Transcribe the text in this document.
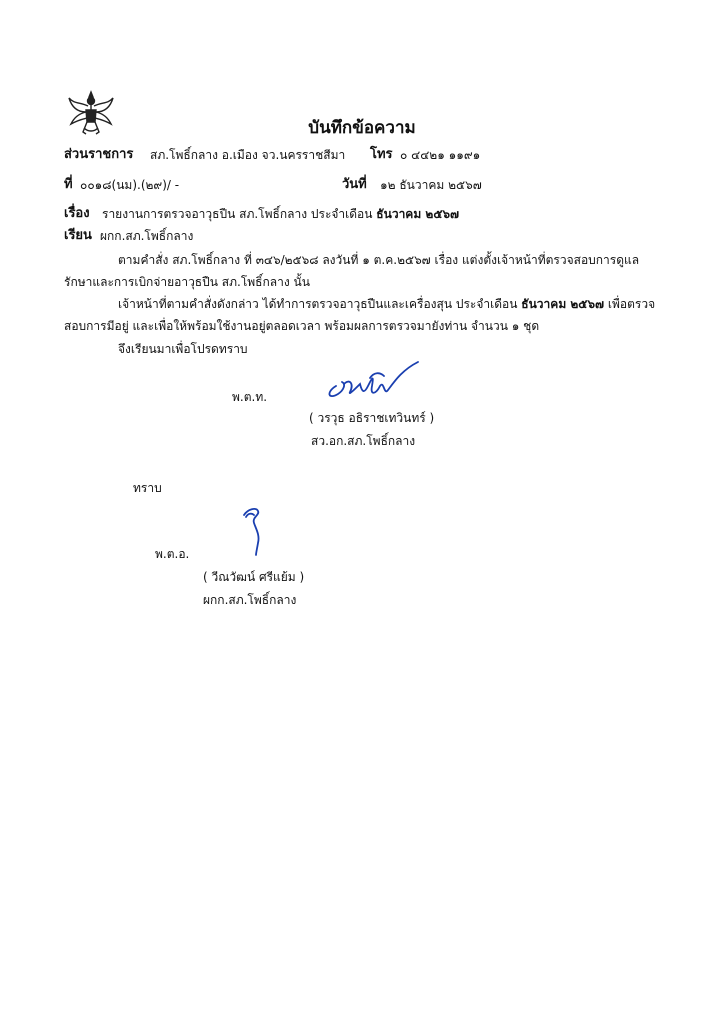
บันทึกข้อความ
ส่วนราชการ สภ.โพธิ์กลาง อ.เมือง จว.นครราชสีมา โทร ๐ ๔๔๒๑ ๑๑๙๑
ที่ ๐๐๑๘(นม).(๒๙)/ -	วันที่ ๑๒ ธันวาคม ๒๕๖๗
เรื่อง รายงานการตรวจอาวุธปืน สภ.โพธิ์กลาง ประจำเดือน ธันวาคม ๒๕๖๗
เรียน ผกก.สภ.โพธิ์กลาง
ตามคำสั่ง สภ.โพธิ์กลาง ที่ ๓๔๖/๒๕๖๘ ลงวันที่ ๑ ต.ค.๒๕๖๗ เรื่อง แต่งตั้งเจ้าหน้าที่ตรวจสอบการดูแลรักษาและการเบิกจ่ายอาวุธปืน สภ.โพธิ์กลาง นั้น
เจ้าหน้าที่ตามคำสั่งดังกล่าว ได้ทำการตรวจอาวุธปืนและเครื่องสุน ประจำเดือน ธันวาคม ๒๕๖๗ เพื่อตรวจสอบการมีอยู่ และเพื่อให้พร้อมใช้งานอยู่ตลอดเวลา พร้อมผลการตรวจมายังท่าน จำนวน ๑ ชุด
จึงเรียนมาเพื่อโปรดทราบ
พ.ต.ท.
( วรวุธ อธิราชเทวินทร์ )
สว.อก.สภ.โพธิ์กลาง
ทราบ
พ.ต.อ.
( วีณวัฒน์ ศรีแย้ม )
ผกก.สภ.โพธิ์กลาง
